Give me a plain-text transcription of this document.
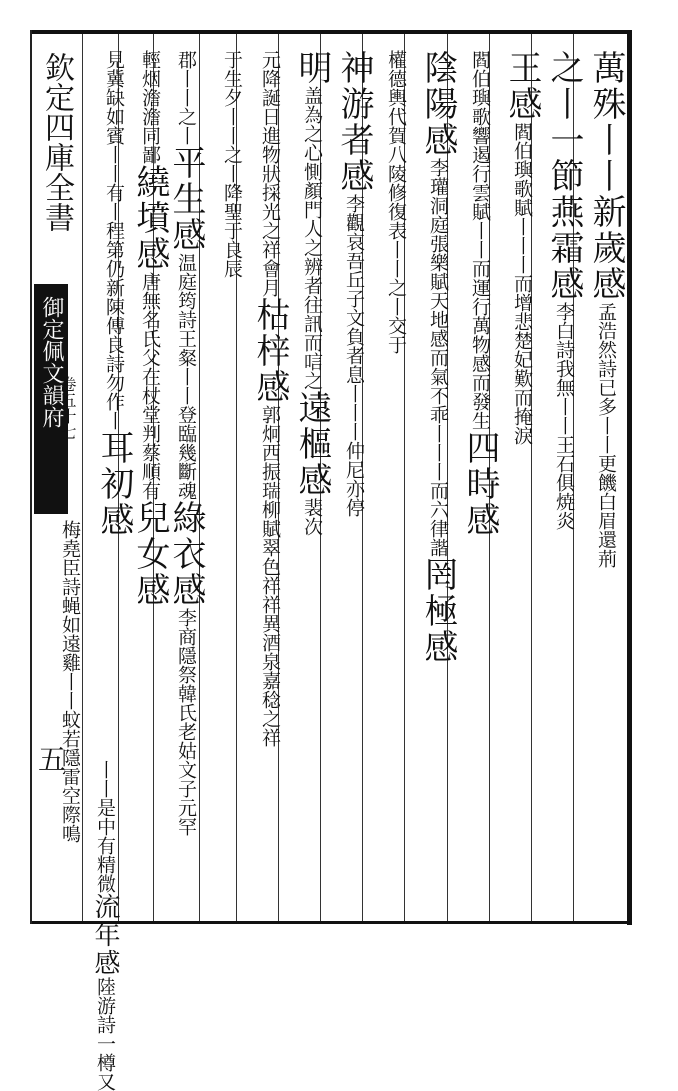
欽定四庫全書
御定佩文韻府
卷五十七
五
萬殊丨丨新歲感孟浩然詩已多丨丨更饑白眉還荊
之丨一節燕霜感李白詩我無丨丨王石俱焼炎
王感閻伯璵歌賦丨丨丨而增悲楚妃歎而掩淚
閻伯璵歌響遏行雲賦丨丨而運行萬物感而發生四時感
陰陽感李瓘洞庭張樂賦天地感而氣不乖丨丨丨而六律諧罔極感
權德輿代賀八陵修復表丨丨之丨交于
神游者感李觀哀吾丘子文負者息丨丨丨仲尼亦停
明盖為之心惻顏門人之辨者往訊而唁之遠樞感裴次
元降誕日進物狀採光之祥會月枯梓感郭炯西振瑞柳賦翠色祥祥異酒泉嘉稔之祥
于生夕丨丨之丨降聖于良辰
郡丨丨之丨平生感温庭筠詩王粲丨丨登臨幾斷魂綠衣感李商隱祭韓氏老姑文子元罕
輕烟澹澹同鄙繞墳感唐無名氏父在杖堂判蔡順有兒女感
見冀缺如賓丨丨有丨程第仍新陳傅良詩勿作丨耳初感
梅堯臣詩蝇如遠雞丨丨蚊若隱雷空際鳴 丨丨是中有精微流年感陸游詩一樽又
